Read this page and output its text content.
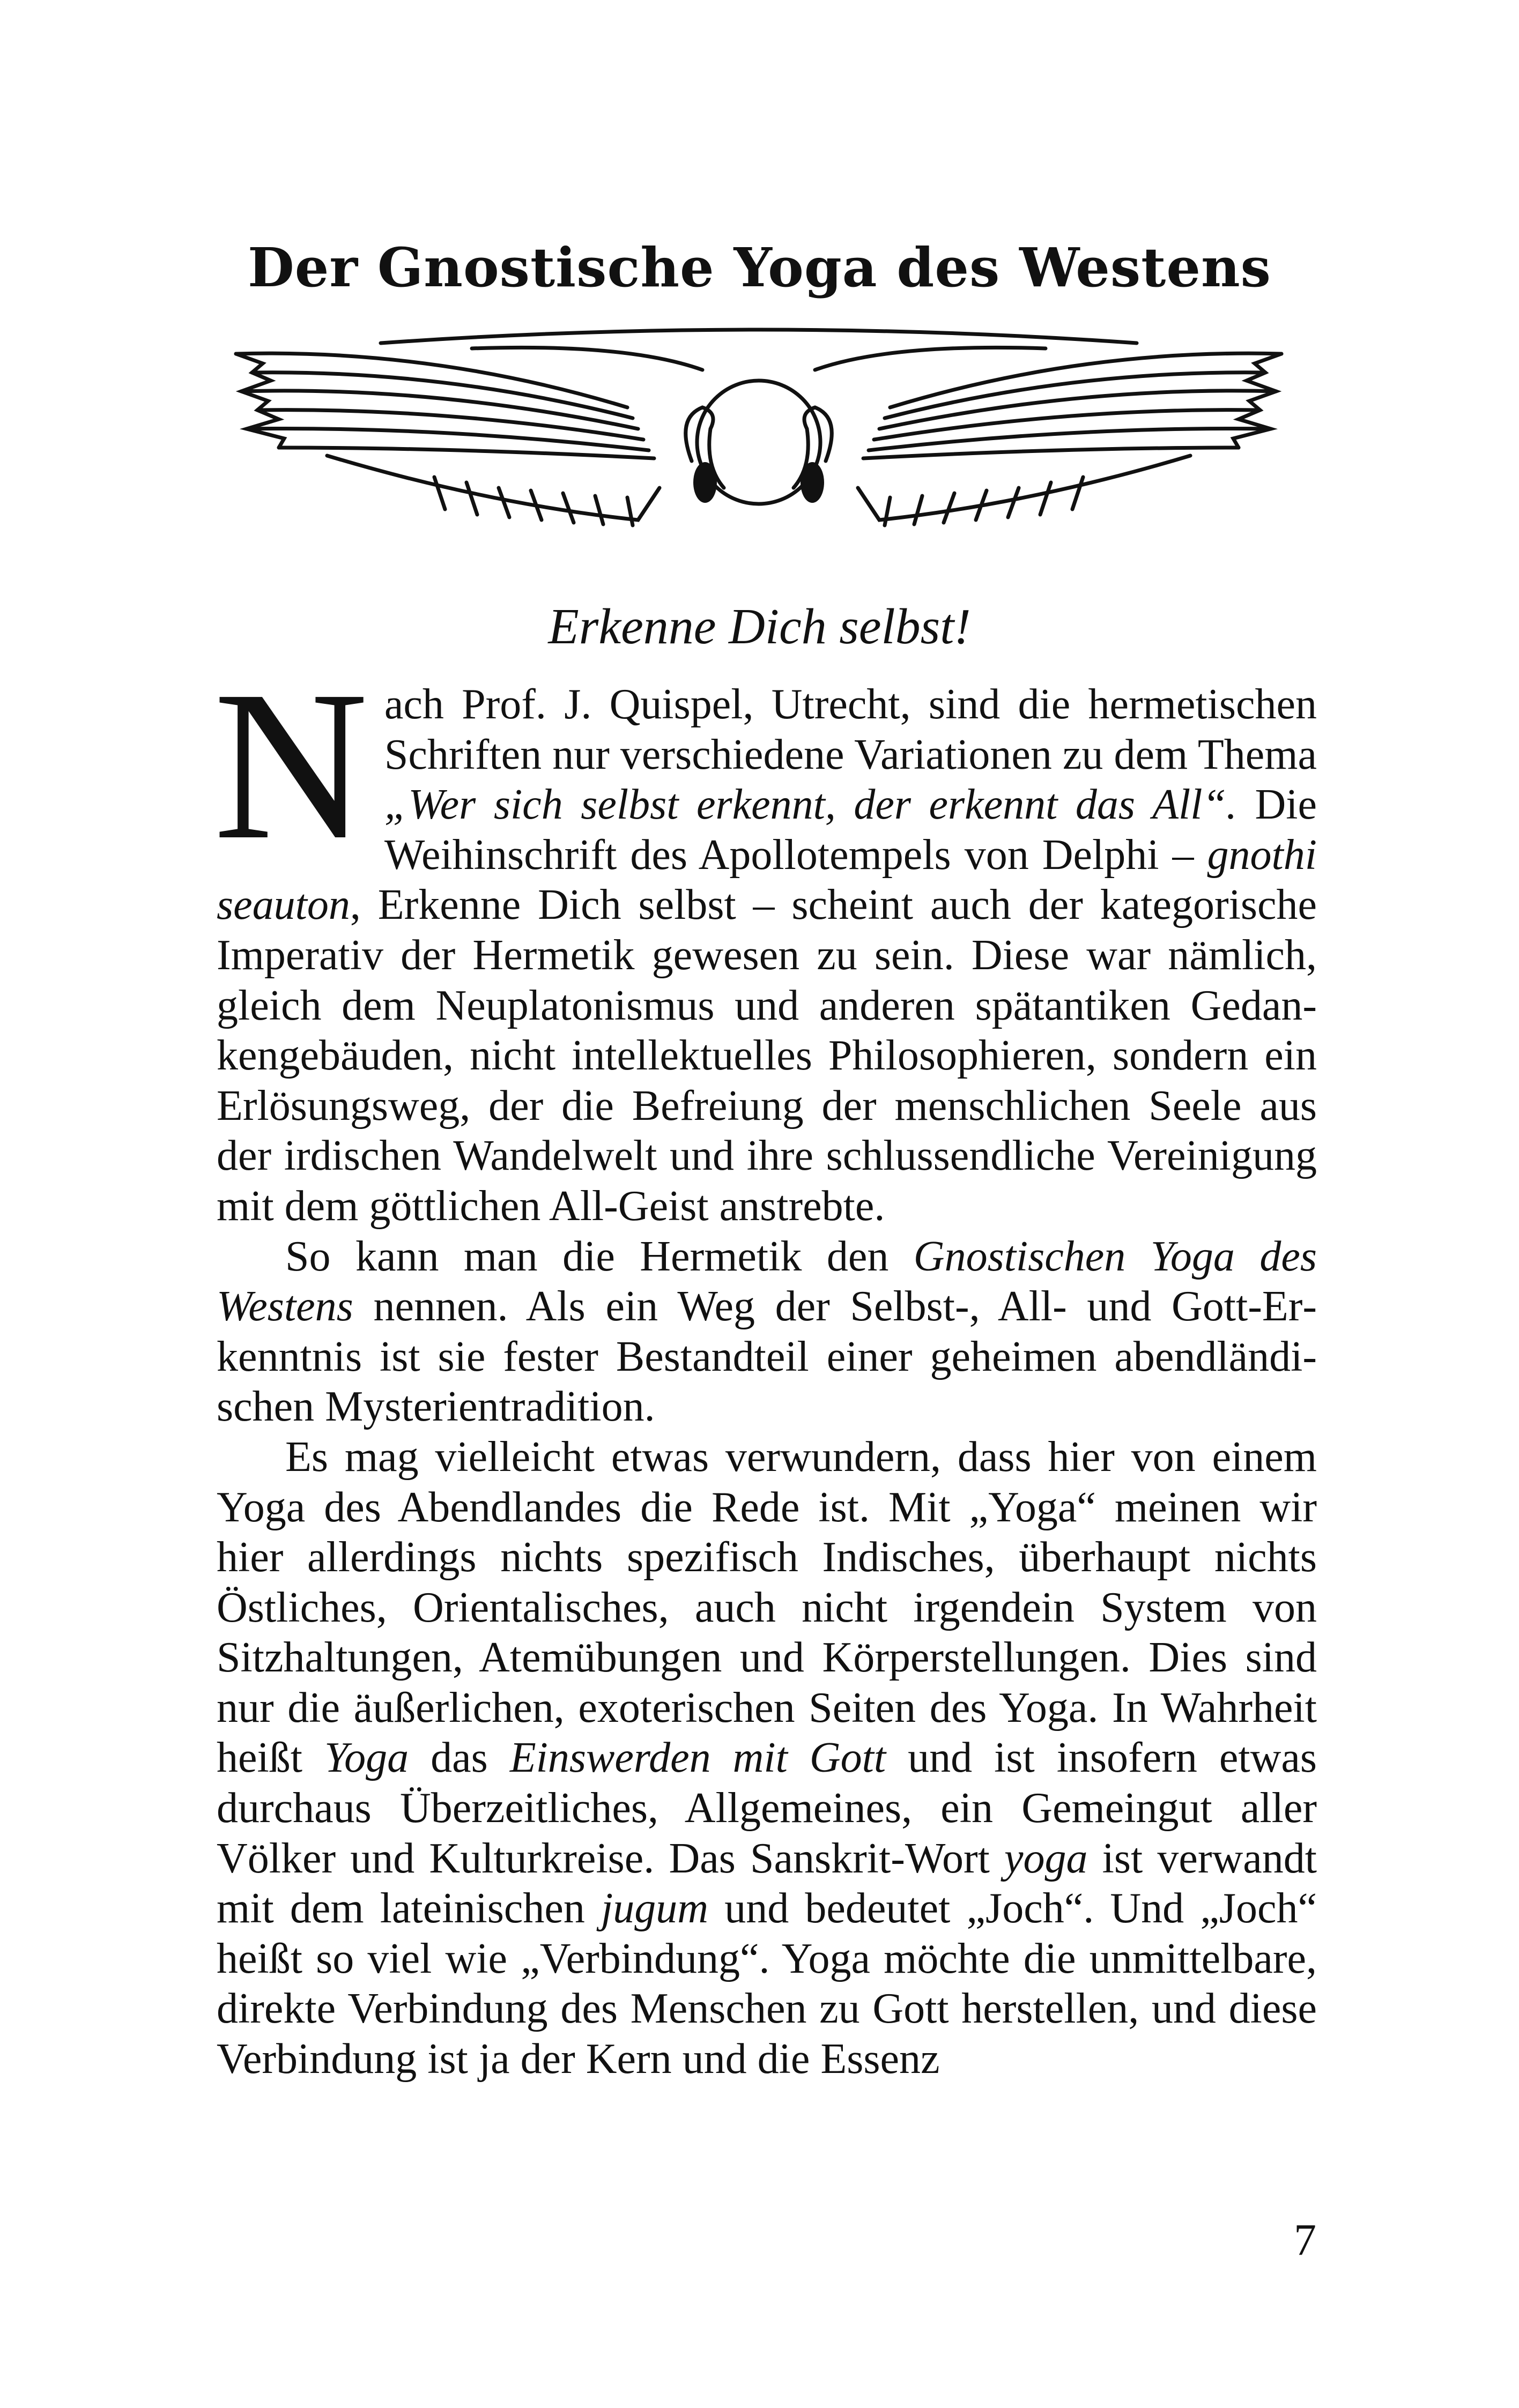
Der Gnostische Yoga des Westens
Erkenne Dich selbst!

Nach Prof. J. Quispel, Utrecht, sind die hermetischen Schriften nur verschiedene Variationen zu dem Thema „Wer sich selbst erkennt, der erkennt das All“. Die Weihinschrift des Apollotempels von Delphi – gnothi seauton, Erkenne Dich selbst – scheint auch der kategorische Imperativ der Hermetik gewesen zu sein. Diese war nämlich, gleich dem Neuplatonismus und anderen spätantiken Gedankengebäuden, nicht intellektuelles Philosophieren, sondern ein Erlösungsweg, der die Befreiung der menschlichen Seele aus der irdischen Wandelwelt und ihre schlussendliche Vereinigung mit dem göttlichen All-Geist anstrebte.

So kann man die Hermetik den Gnostischen Yoga des Westens nennen. Als ein Weg der Selbst-, All- und Gott-Erkenntnis ist sie fester Bestandteil einer geheimen abendländischen Mysterientradition.

Es mag vielleicht etwas verwundern, dass hier von einem Yoga des Abendlandes die Rede ist. Mit „Yoga“ meinen wir hier allerdings nichts spezifisch Indisches, überhaupt nichts Östliches, Orientalisches, auch nicht irgendein System von Sitzhaltungen, Atemübungen und Körperstellungen. Dies sind nur die äußerlichen, exoterischen Seiten des Yoga. In Wahrheit heißt Yoga das Einswerden mit Gott und ist insofern etwas durchaus Überzeitliches, Allgemeines, ein Gemeingut aller Völker und Kulturkreise. Das Sanskrit-Wort yoga ist verwandt mit dem lateinischen jugum und bedeutet „Joch“. Und „Joch“ heißt so viel wie „Verbindung“. Yoga möchte die unmittelbare, direkte Verbindung des Menschen zu Gott herstellen, und diese Verbindung ist ja der Kern und die Essenz

7
